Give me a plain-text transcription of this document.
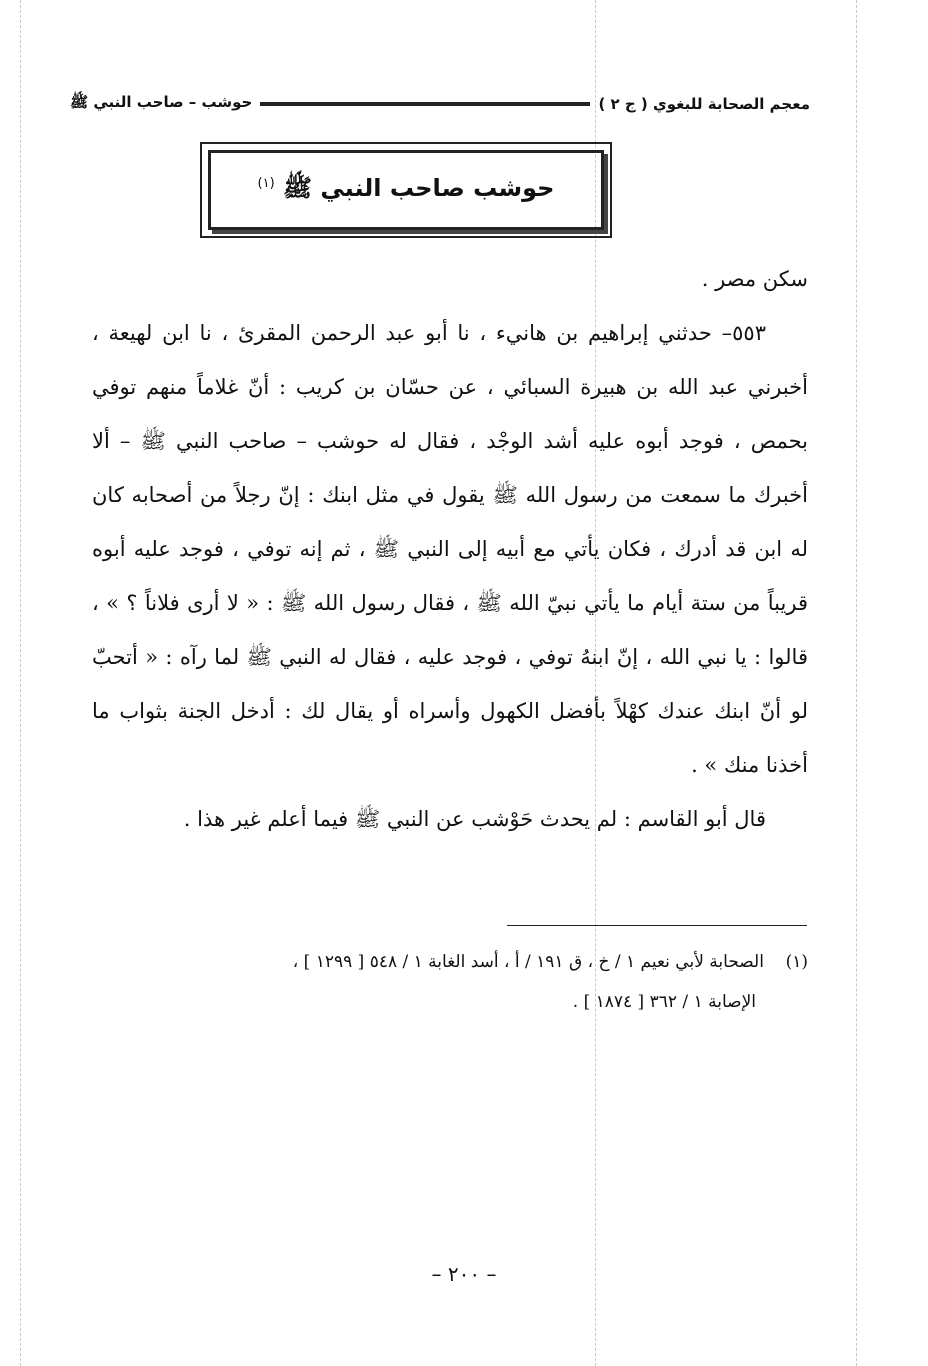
معجم الصحابة للبغوي ( ج ٢ )
حوشب – صاحب النبي ﷺ
حوشب صاحب النبي ﷺ $^{(١)}$

سكن مصر .

٥٥٣– حدثني إبراهيم بن هانيء ، نا أبو عبد الرحمن المقرئ ، نا ابن لهيعة ، أخبرني عبد الله بن هبيرة السبائي ، عن حسّان بن كريب : أنّ غلاماً منهم توفي بحمص ، فوجد أبوه عليه أشد الوجْد ، فقال له حوشب – صاحب النبي ﷺ – ألا أخبرك ما سمعت من رسول الله ﷺ يقول في مثل ابنك : إنّ رجلاً من أصحابه كان له ابن قد أدرك ، فكان يأتي مع أبيه إلى النبي ﷺ ، ثم إنه توفي ، فوجد عليه أبوه قريباً من ستة أيام ما يأتي نبيّ الله ﷺ ، فقال رسول الله ﷺ : « لا أرى فلاناً ؟ » ، قالوا : يا نبي الله ، إنّ ابنهُ توفي ، فوجد عليه ، فقال له النبي ﷺ لما رآه : « أتحبّ لو أنّ ابنك عندك كهْلاً بأفضل الكهول وأسراه أو يقال لك : أدخل الجنة بثواب ما أخذنا منك » .

قال أبو القاسم : لم يحدث حَوْشب عن النبي ﷺ فيما أعلم غير هذا .

(١)    الصحابة لأبي نعيم ١ / خ ، ق ١٩١ / أ ، أسد الغابة ١ / ٥٤٨ [ ١٢٩٩ ] ،
الإصابة ١ / ٣٦٢ [ ١٨٧٤ ] .
– ٢٠٠ –
